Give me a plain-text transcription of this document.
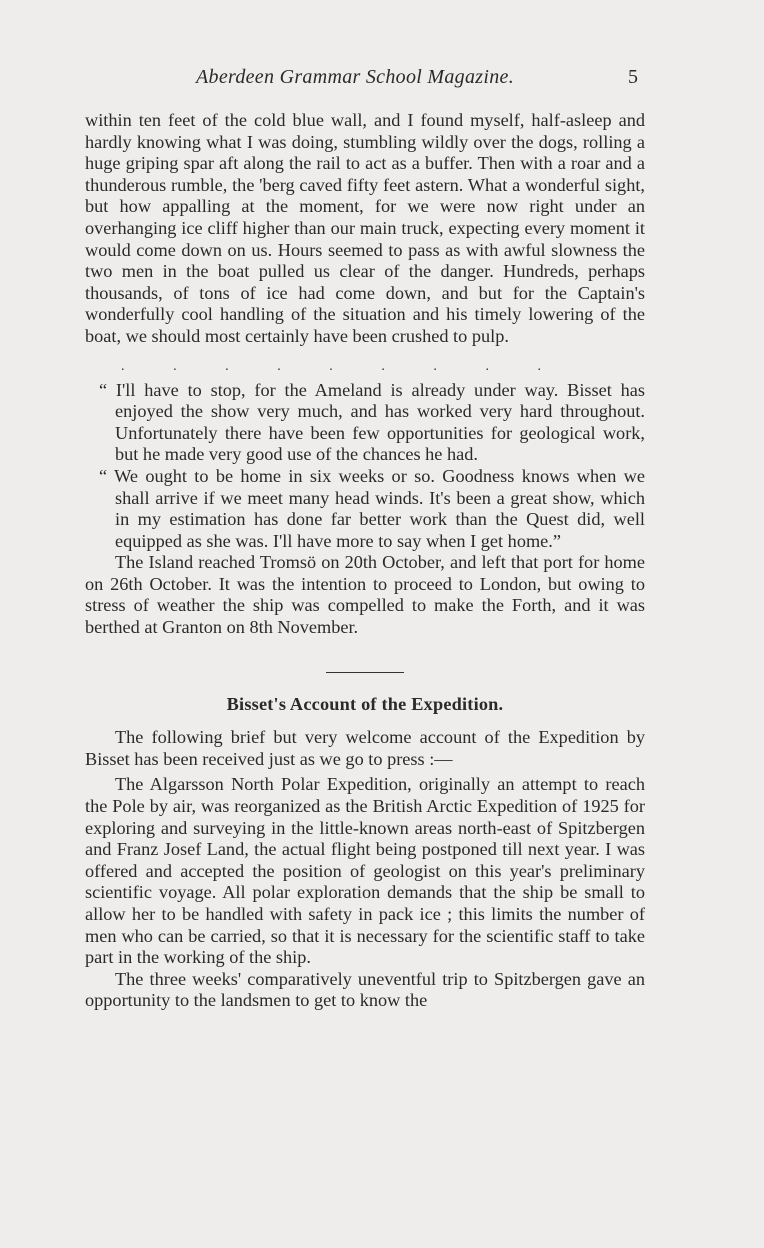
Aberdeen Grammar School Magazine.	5

within ten feet of the cold blue wall, and I found myself, half-asleep and hardly knowing what I was doing, stumbling wildly over the dogs, rolling a huge griping spar aft along the rail to act as a buffer. Then with a roar and a thunderous rumble, the 'berg caved fifty feet astern. What a wonderful sight, but how appalling at the moment, for we were now right under an overhanging ice cliff higher than our main truck, expecting every moment it would come down on us. Hours seemed to pass as with awful slowness the two men in the boat pulled us clear of the danger. Hundreds, perhaps thousands, of tons of ice had come down, and but for the Captain's wonderfully cool handling of the situation and his timely lowering of the boat, we should most certainly have been crushed to pulp.

.	.	.	.	.	.	.	.	.

“ I'll have to stop, for the Ameland is already under way. Bisset has enjoyed the show very much, and has worked very hard throughout. Unfortunately there have been few opportunities for geological work, but he made very good use of the chances he had.

“ We ought to be home in six weeks or so. Goodness knows when we shall arrive if we meet many head winds. It's been a great show, which in my estimation has done far better work than the Quest did, well equipped as she was. I'll have more to say when I get home.”

The Island reached Tromsö on 20th October, and left that port for home on 26th October. It was the intention to proceed to London, but owing to stress of weather the ship was compelled to make the Forth, and it was berthed at Granton on 8th November.

Bisset's Account of the Expedition.

The following brief but very welcome account of the Expedition by Bisset has been received just as we go to press :—

The Algarsson North Polar Expedition, originally an attempt to reach the Pole by air, was reorganized as the British Arctic Expedition of 1925 for exploring and surveying in the little-known areas north-east of Spitzbergen and Franz Josef Land, the actual flight being postponed till next year. I was offered and accepted the position of geologist on this year's preliminary scientific voyage. All polar exploration demands that the ship be small to allow her to be handled with safety in pack ice ; this limits the number of men who can be carried, so that it is necessary for the scientific staff to take part in the working of the ship.

The three weeks' comparatively uneventful trip to Spitzbergen gave an opportunity to the landsmen to get to know the
